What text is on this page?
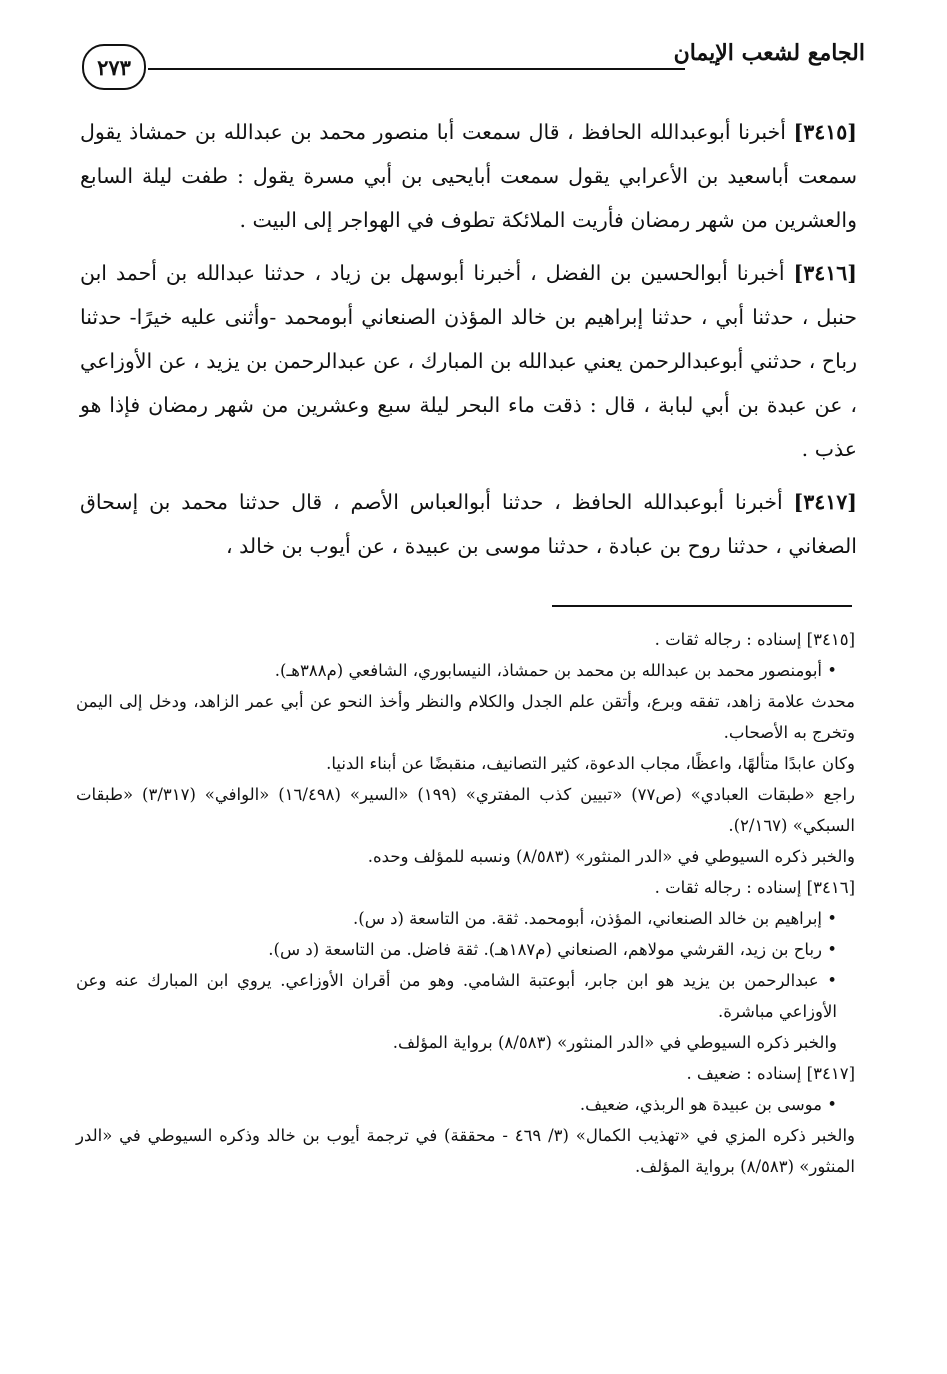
الجامع لشعب الإيمان
٢٧٣

[٣٤١٥] أخبرنا أبوعبدالله الحافظ ، قال سمعت أبا منصور محمد بن عبدالله بن حمشاذ يقول سمعت أباسعيد بن الأعرابي يقول سمعت أبايحيى بن أبي مسرة يقول : طفت ليلة السابع والعشرين من شهر رمضان فأريت الملائكة تطوف في الهواجر إلى البيت .

[٣٤١٦] أخبرنا أبوالحسين بن الفضل ، أخبرنا أبوسهل بن زياد ، حدثنا عبدالله بن أحمد ابن حنبل ، حدثنا أبي ، حدثنا إبراهيم بن خالد المؤذن الصنعاني أبومحمد -وأثنى عليه خيرًا- حدثنا رباح ، حدثني أبوعبدالرحمن يعني عبدالله بن المبارك ، عن عبدالرحمن بن يزيد ، عن الأوزاعي ، عن عبدة بن أبي لبابة ، قال : ذقت ماء البحر ليلة سبع وعشرين من شهر رمضان فإذا هو عذب .

[٣٤١٧] أخبرنا أبوعبدالله الحافظ ، حدثنا أبوالعباس الأصم ، قال حدثنا محمد بن إسحاق الصغاني ، حدثنا روح بن عبادة ، حدثنا موسى بن عبيدة ، عن أيوب بن خالد ،

[٣٤١٥] إسناده : رجاله ثقات .

• أبومنصور محمد بن عبدالله بن محمد بن حمشاذ، النيسابوري، الشافعي (م٣٨٨هـ).

محدث علامة زاهد، تفقه وبرع، وأتقن علم الجدل والكلام والنظر وأخذ النحو عن أبي عمر الزاهد، ودخل إلى اليمن وتخرج به الأصحاب.

وكان عابدًا متألهًا، واعظًا، مجاب الدعوة، كثير التصانيف، منقبضًا عن أبناء الدنيا.

راجع «طبقات العبادي» (ص٧٧) «تبيين كذب المفتري» (١٩٩) «السير» (١٦/٤٩٨) «الوافي» (٣/٣١٧) «طبقات السبكي» (٢/١٦٧).

والخبر ذكره السيوطي في «الدر المنثور» (٨/٥٨٣) ونسبه للمؤلف وحده.

[٣٤١٦] إسناده : رجاله ثقات .

• إبراهيم بن خالد الصنعاني، المؤذن، أبومحمد. ثقة. من التاسعة (د س).

• رباح بن زيد، القرشي مولاهم، الصنعاني (م١٨٧هـ). ثقة فاضل. من التاسعة (د س).

• عبدالرحمن بن يزيد هو ابن جابر، أبوعتبة الشامي. وهو من أقران الأوزاعي. يروي ابن المبارك عنه وعن الأوزاعي مباشرة.

والخبر ذكره السيوطي في «الدر المنثور» (٨/٥٨٣) برواية المؤلف.

[٣٤١٧] إسناده : ضعيف .

• موسى بن عبيدة هو الربذي، ضعيف.

والخبر ذكره المزي في «تهذيب الكمال» (٣/ ٤٦٩ - محققة) في ترجمة أيوب بن خالد وذكره السيوطي في «الدر المنثور» (٨/٥٨٣) برواية المؤلف.
